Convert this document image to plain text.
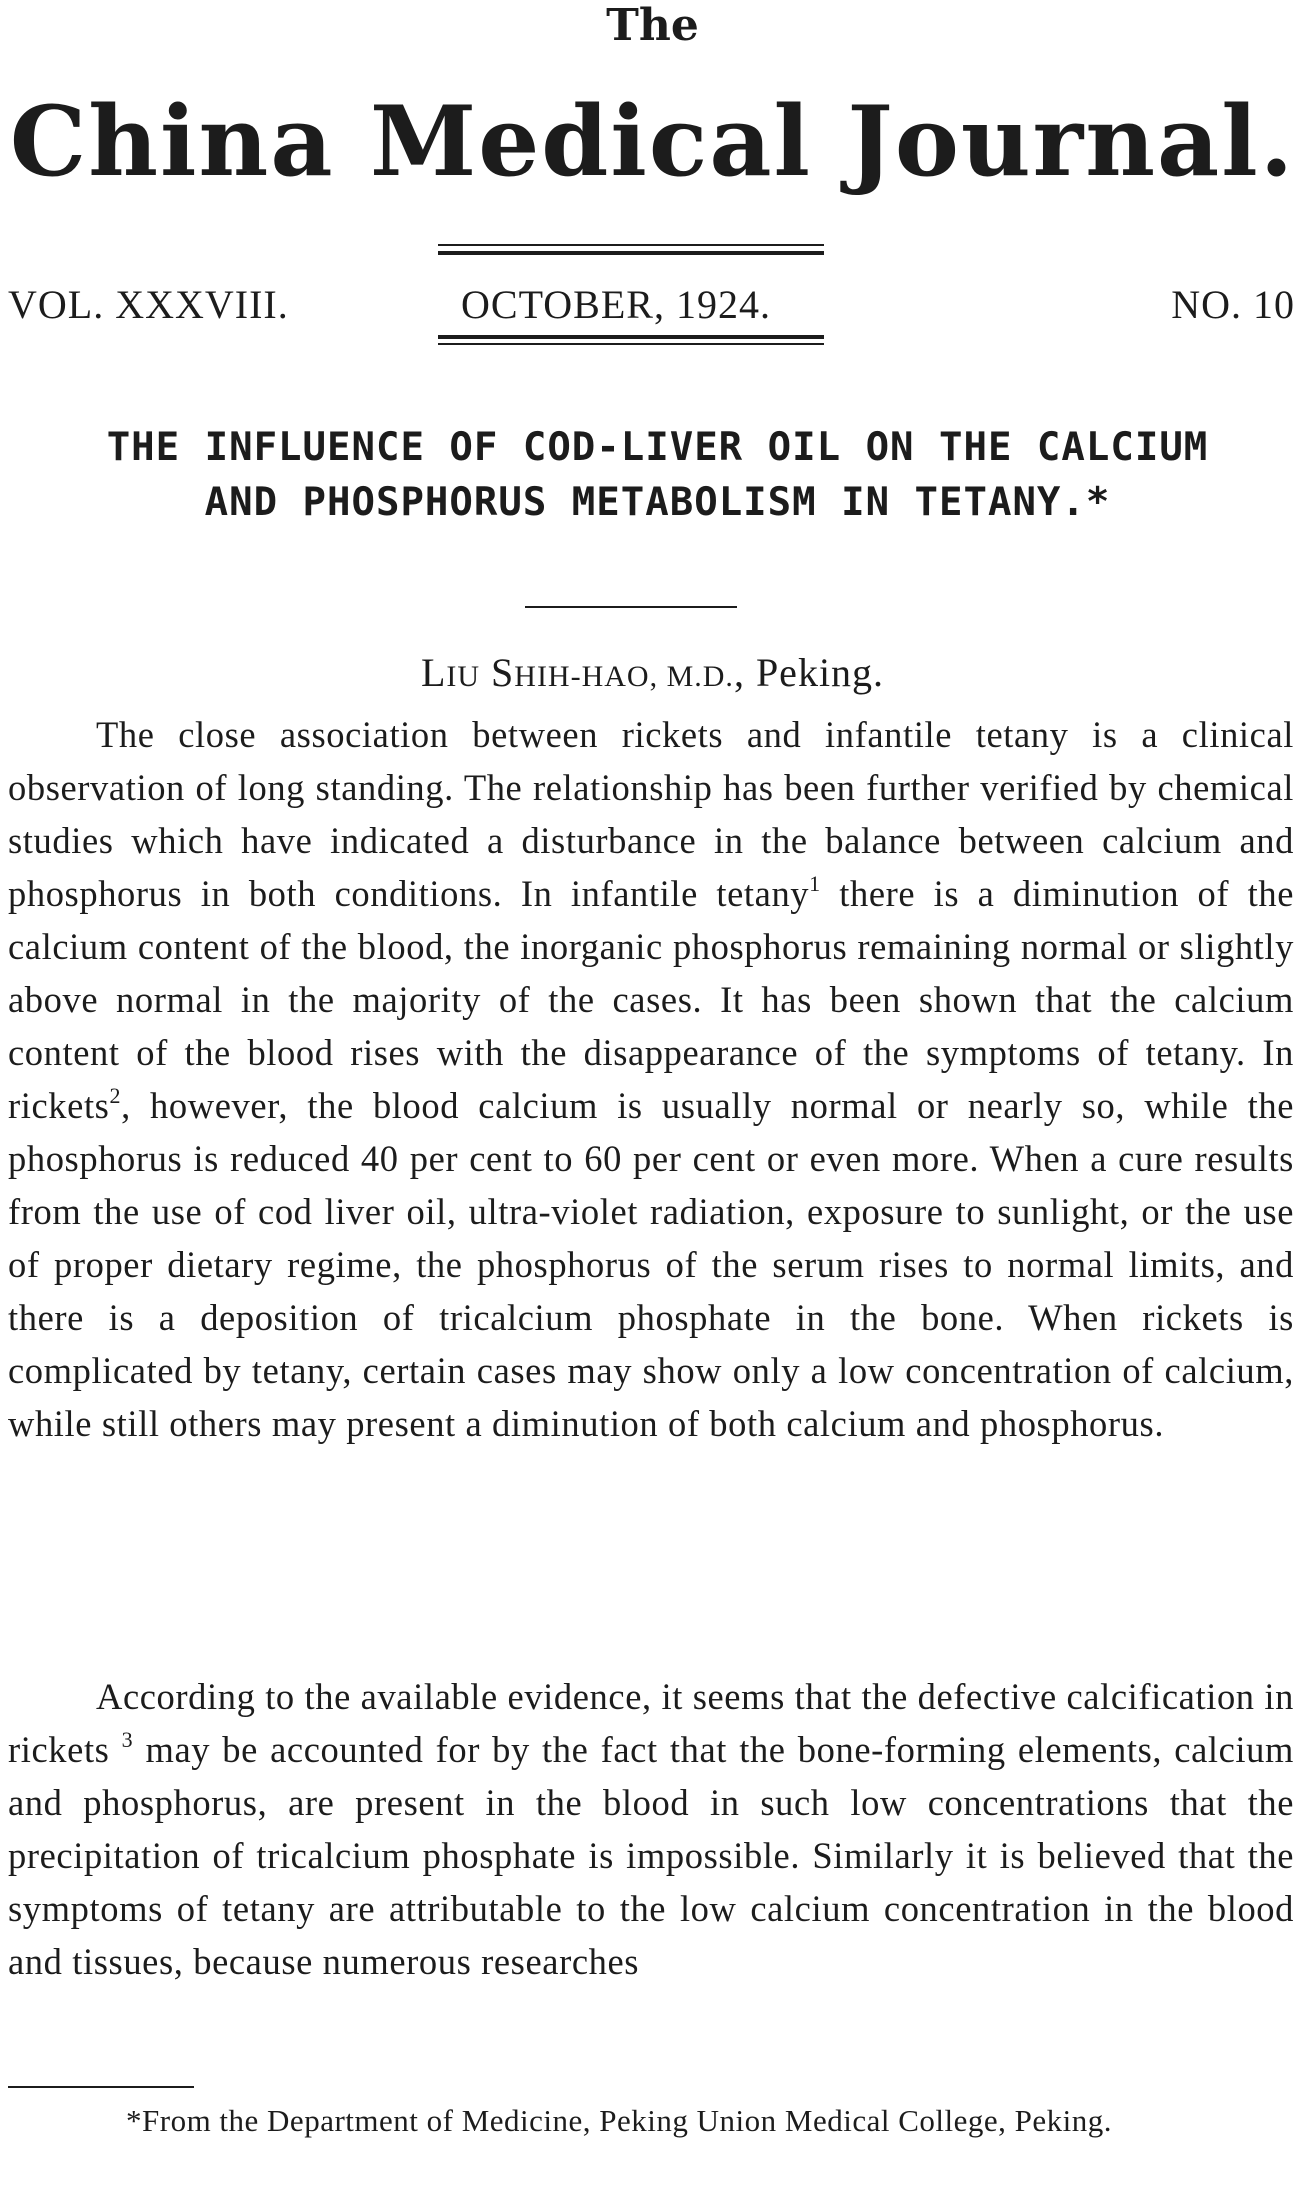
The
China Medical Journal.
VOL. XXXVIII.	OCTOBER, 1924.	NO. 10
THE INFLUENCE OF COD-LIVER OIL ON THE CALCIUM AND PHOSPHORUS METABOLISM IN TETANY.*
LIU SHIH-HAO, M.D., Peking.

The close association between rickets and infantile tetany is a clinical observation of long standing. The relationship has been further verified by chemical studies which have indicated a disturbance in the balance between calcium and phosphorus in both conditions. In infantile tetany$^1$ there is a diminution of the calcium content of the blood, the inorganic phosphorus remaining normal or slightly above normal in the majority of the cases. It has been shown that the calcium content of the blood rises with the disappearance of the symptoms of tetany. In rickets$^2$, however, the blood calcium is usually normal or nearly so, while the phosphorus is reduced 40 per cent to 60 per cent or even more. When a cure results from the use of cod liver oil, ultra-violet radiation, exposure to sunlight, or the use of proper dietary regime, the phosphorus of the serum rises to normal limits, and there is a deposition of tricalcium phosphate in the bone. When rickets is complicated by tetany, certain cases may show only a low concentration of calcium, while still others may present a diminution of both calcium and phosphorus.

According to the available evidence, it seems that the defective calcification in rickets $^3$ may be accounted for by the fact that the bone-forming elements, calcium and phosphorus, are present in the blood in such low concentrations that the precipitation of tricalcium phosphate is impossible. Similarly it is believed that the symptoms of tetany are attributable to the low calcium concentration in the blood and tissues, because numerous researches

*From the Department of Medicine, Peking Union Medical College, Peking.
